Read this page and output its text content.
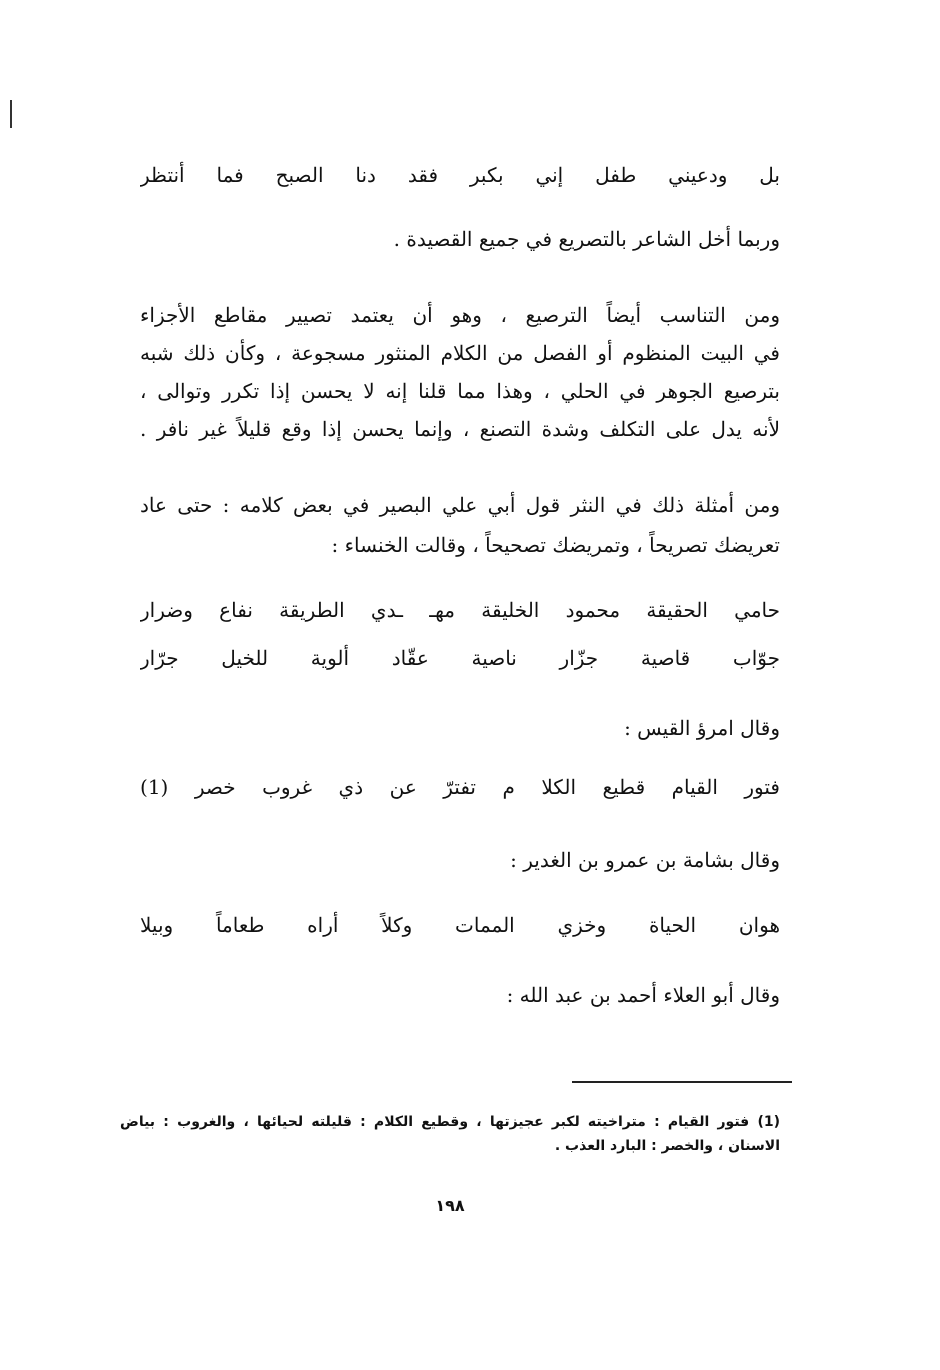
بل ودعيني طفل إني بكبر فقد دنا الصبح فما أنتظر
وربما أخل الشاعر بالتصريع في جميع القصيدة .
ومن التناسب أيضاً الترصيع ، وهو أن يعتمد تصيير مقاطع الأجزاء
في البيت المنظوم أو الفصل من الكلام المنثور مسجوعة ، وكأن ذلك شبه
بترصيع الجوهر في الحلي ، وهذا مما قلنا إنه لا يحسن إذا تكرر وتوالى ،
لأنه يدل على التكلف وشدة التصنع ، وإنما يحسن إذا وقع قليلاً غير نافر .
ومن أمثلة ذلك في النثر قول أبي علي البصير في بعض كلامه : حتى عاد
تعريضك تصريحاً ، وتمريضك تصحيحاً ، وقالت الخنساء :
حامي الحقيقة محمود الخليقة مهـ ـدي الطريقة نفاع وضرار
جوّاب قاصية جزّار ناصية عقّاد ألوية للخيل جرّار
وقال امرؤ القيس :
فتور القيام قطيع الكلا م تفترّ عن ذي غروب خصر (1)
وقال بشامة بن عمرو بن الغدير :
هوان الحياة وخزي الممات وكلاً أراه طعاماً وبيلا
وقال أبو العلاء أحمد بن عبد الله :
(1) فتور القيام : متراخيته لكبر عجيزتها ، وقطيع الكلام : قليلته لحيائها ، والغروب : بياض الاسنان ، والخصر : البارد العذب .
١٩٨
